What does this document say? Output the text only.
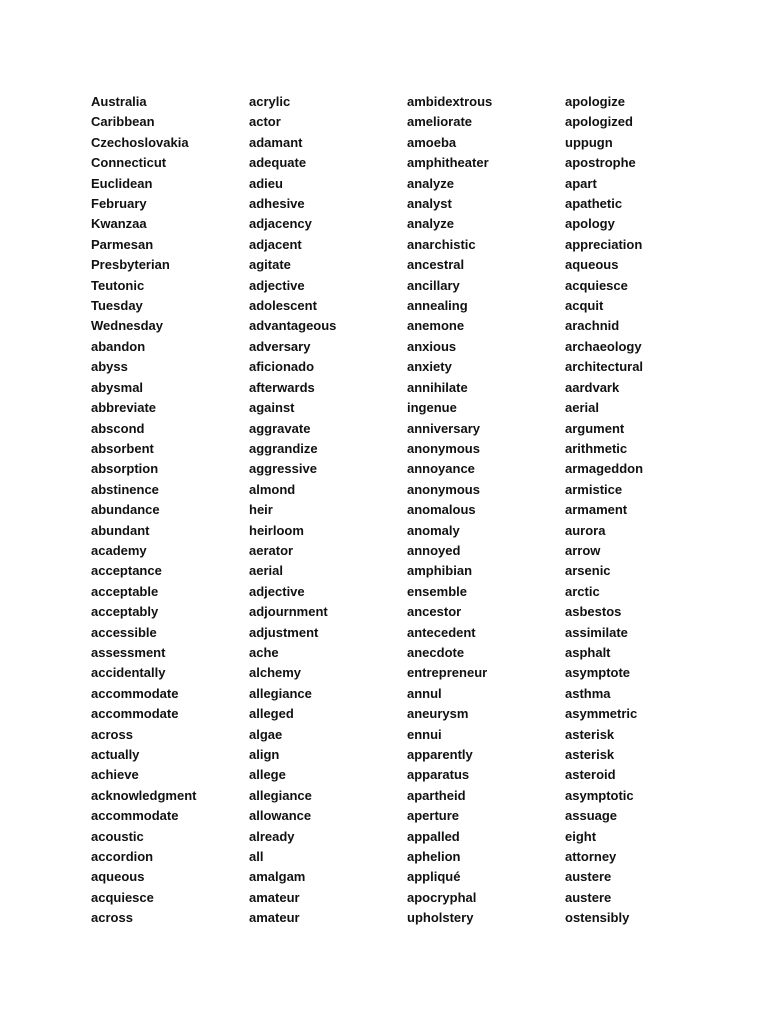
Australia
Caribbean
Czechoslovakia
Connecticut
Euclidean
February
Kwanzaa
Parmesan
Presbyterian
Teutonic
Tuesday
Wednesday
abandon
abyss
abysmal
abbreviate
abscond
absorbent
absorption
abstinence
abundance
abundant
academy
acceptance
acceptable
acceptably
accessible
assessment
accidentally
accommodate
accommodate
across
actually
achieve
acknowledgment
accommodate
acoustic
accordion
aqueous
acquiesce
across
acrylic
actor
adamant
adequate
adieu
adhesive
adjacency
adjacent
agitate
adjective
adolescent
advantageous
adversary
aficionado
afterwards
against
aggravate
aggrandize
aggressive
almond
heir
heirloom
aerator
aerial
adjective
adjournment
adjustment
ache
alchemy
allegiance
alleged
algae
align
allege
allegiance
allowance
already
all
amalgam
amateur
amateur
ambidextrous
ameliorate
amoeba
amphitheater
analyze
analyst
analyze
anarchistic
ancestral
ancillary
annealing
anemone
anxious
anxiety
annihilate
ingenue
anniversary
anonymous
annoyance
anonymous
anomalous
anomaly
annoyed
amphibian
ensemble
ancestor
antecedent
anecdote
entrepreneur
annul
aneurysm
ennui
apparently
apparatus
apartheid
aperture
appalled
aphelion
appliqué
apocryphal
upholstery
apologize
apologized
uppugn
apostrophe
apart
apathetic
apology
appreciation
aqueous
acquiesce
acquit
arachnid
archaeology
architectural
aardvark
aerial
argument
arithmetic
armageddon
armistice
armament
aurora
arrow
arsenic
arctic
asbestos
assimilate
asphalt
asymptote
asthma
asymmetric
asterisk
asterisk
asteroid
asymptotic
assuage
eight
attorney
austere
austere
ostensibly
